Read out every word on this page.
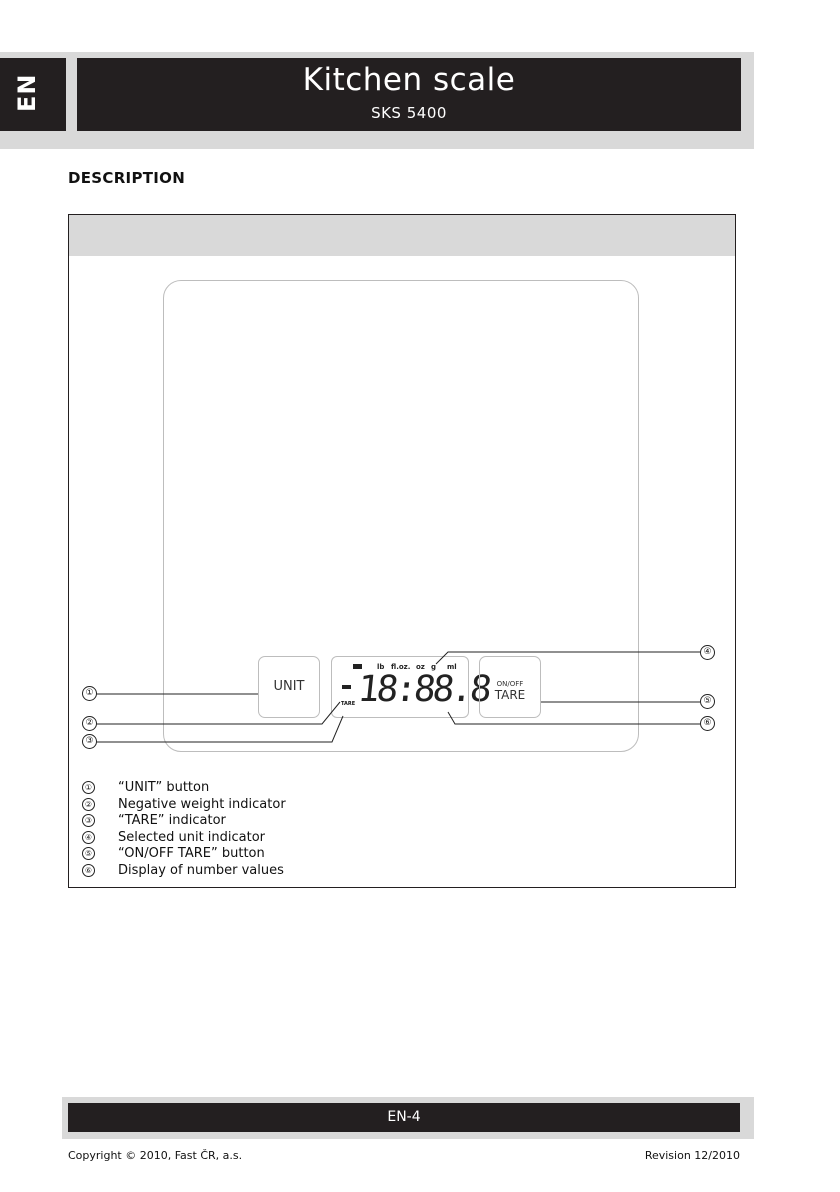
EN	Kitchen scale
SKS 5400
DESCRIPTION
UNIT
lb fl.oz. oz g ml
TARE 18:88.8 ON/OFF
TARE
①
②
③
④
⑤
⑥
① “UNIT” button
② Negative weight indicator
③ “TARE” indicator
④ Selected unit indicator
⑤ “ON/OFF TARE” button
⑥ Display of number values
EN-4
Copyright © 2010, Fast ČR, a.s.	Revision 12/2010
